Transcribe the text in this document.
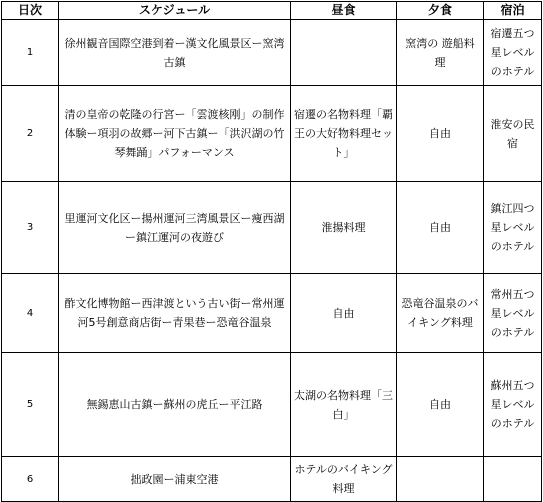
日次	スケジュール	昼食	夕食	宿泊
1	徐州観音国際空港到着ー漢文化風景区ー窯湾古鎮		窯湾の 遊船料理	宿遷五つ星レベルのホテル
2	清の皇帝の乾隆の行宮ー「雲渡核刚」の制作体験ー項羽の故郷ー河下古鎮ー「洪沢湖の竹琴舞踊」パフォーマンス	宿遷の名物料理「覇王の大好物料理セット」	自由	淮安の民宿
3	里運河文化区ー揚州運河三湾風景区ー痩西湖ー鎮江運河の夜遊び	淮揚料理	自由	鎮江四つ星レベルのホテル
4	酢文化博物館ー西津渡という古い街ー常州運河5号創意商店街ー青果巷ー恐竜谷温泉	自由	恐竜谷温泉のバイキング料理	常州五つ星レベルのホテル
5	無錫恵山古鎮ー蘇州の虎丘ー平江路	太湖の名物料理「三白」	自由	蘇州五つ星レベルのホテル
6	拙政園ー浦東空港	ホテルのバイキング料理		
